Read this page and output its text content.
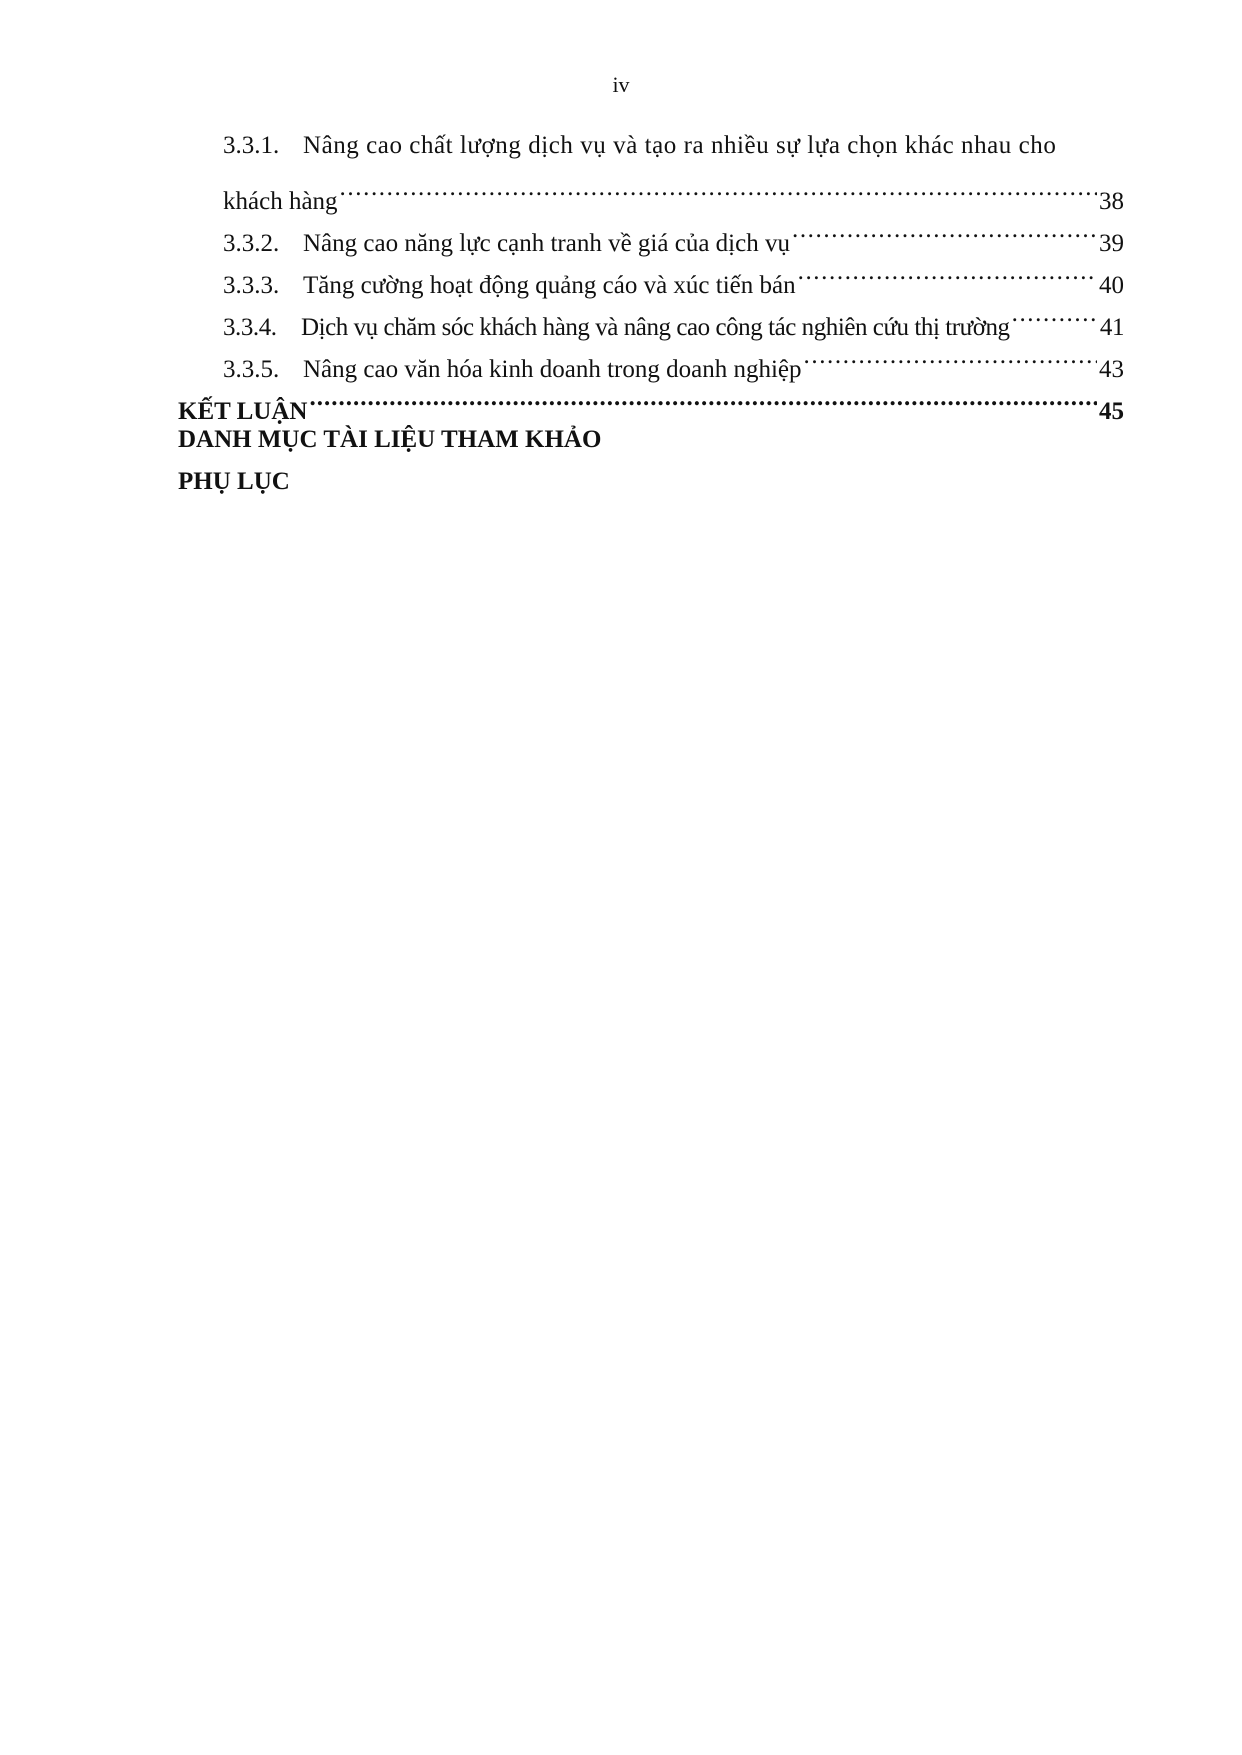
iv
3.3.1. Nâng cao chất lượng dịch vụ và tạo ra nhiều sự lựa chọn khác nhau cho
khách hàng .....	38
3.3.2. Nâng cao năng lực cạnh tranh về giá của dịch vụ .....	39
3.3.3. Tăng cường hoạt động quảng cáo và xúc tiến bán .....	40
3.3.4. Dịch vụ chăm sóc khách hàng và nâng cao công tác nghiên cứu thị trường .....	41
3.3.5. Nâng cao văn hóa kinh doanh trong doanh nghiệp .....	43
KẾT LUẬN .....	45
DANH MỤC TÀI LIỆU THAM KHẢO
PHỤ LỤC
